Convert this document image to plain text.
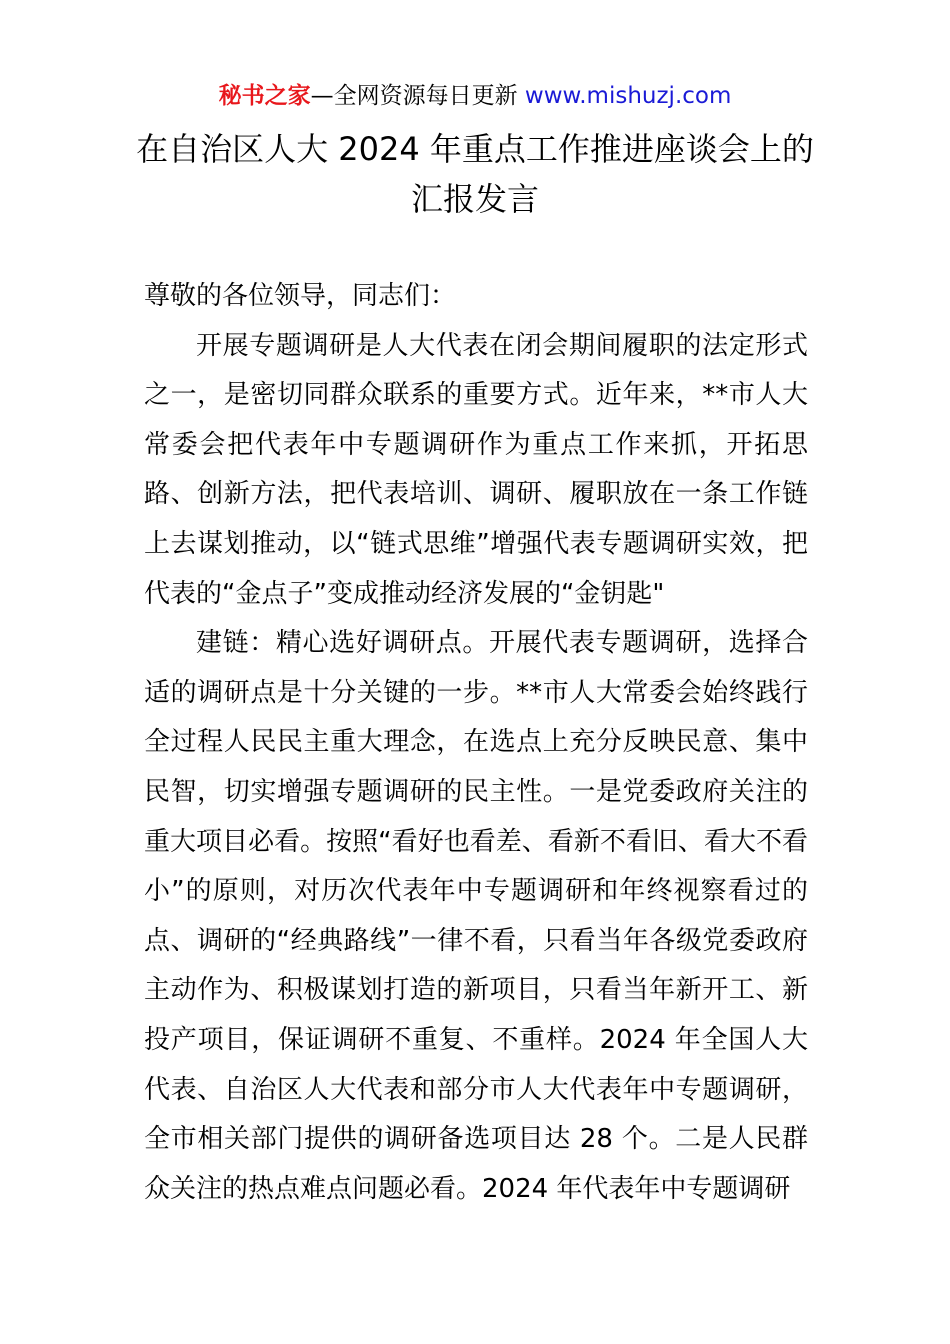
秘书之家—全网资源每日更新 www.mishuzj.com
在自治区人大 2024 年重点工作推进座谈会上的
汇报发言

尊敬的各位领导，同志们：

开展专题调研是人大代表在闭会期间履职的法定形式之一，是密切同群众联系的重要方式。近年来，**市人大常委会把代表年中专题调研作为重点工作来抓，开拓思路、创新方法，把代表培训、调研、履职放在一条工作链上去谋划推动，以“链式思维”增强代表专题调研实效，把代表的“金点子”变成推动经济发展的“金钥匙"

建链：精心选好调研点。开展代表专题调研，选择合适的调研点是十分关键的一步。**市人大常委会始终践行全过程人民民主重大理念，在选点上充分反映民意、集中民智，切实增强专题调研的民主性。一是党委政府关注的重大项目必看。按照“看好也看差、看新不看旧、看大不看小”的原则，对历次代表年中专题调研和年终视察看过的点、调研的“经典路线”一律不看，只看当年各级党委政府主动作为、积极谋划打造的新项目，只看当年新开工、新投产项目，保证调研不重复、不重样。2024 年全国人大代表、自治区人大代表和部分市人大代表年中专题调研，全市相关部门提供的调研备选项目达 28 个。二是人民群众关注的热点难点问题必看。2024 年代表年中专题调研
